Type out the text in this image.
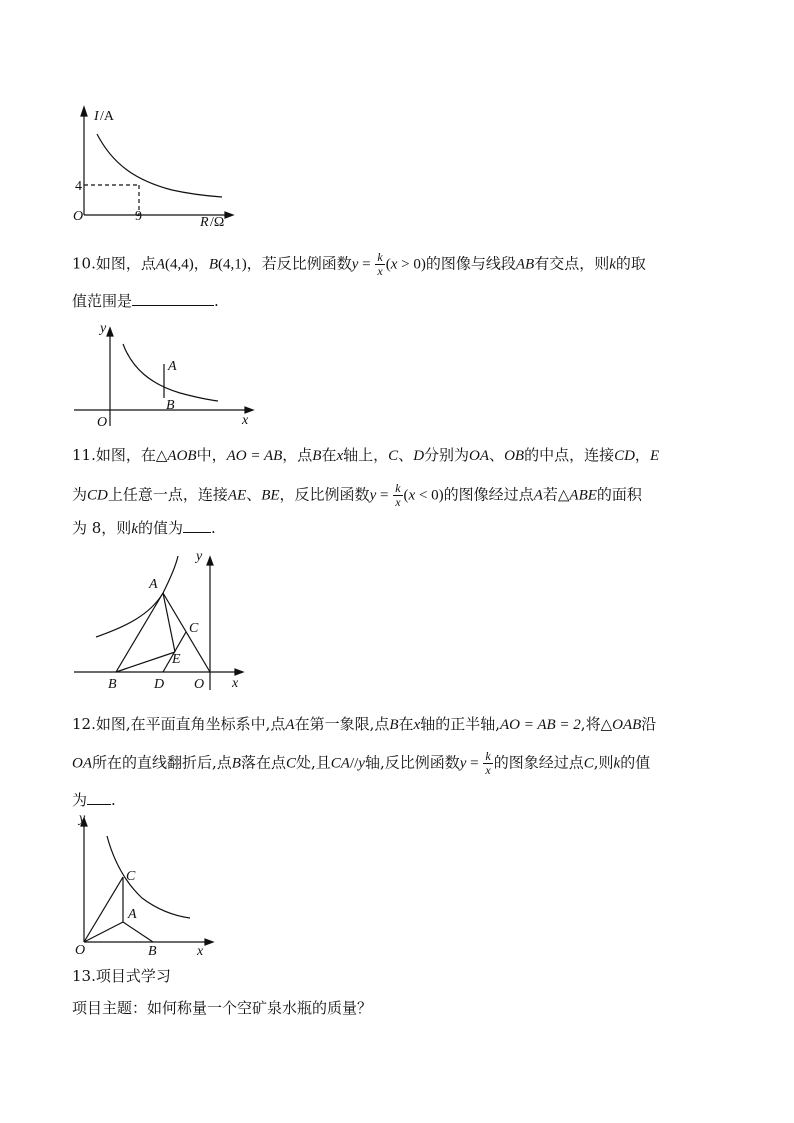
I /A
R /Ω
O
4
9
10.如图，点A(4,4)，B(4,1)，若反比例函数$y = \frac{k}{x} (x > 0)$的图像与线段AB有交点，则k的取
值范围是	.
y
x
O
A
B
11.如图，在△AOB中，AO = AB，点B在x轴上，C、D分别为OA、OB的中点，连接CD，E
为CD上任意一点，连接AE、BE，反比例函数$y = \frac{k}{x} (x < 0)$的图像经过点A若△ABE的面积
为 8，则k的值为 .
y
x
O
A
B
C
D
E
12.如图,在平面直角坐标系中,点A在第一象限,点B在x轴的正半轴,AO = AB = 2,将△OAB沿
OA所在的直线翻折后,点B落在点C处,且CA//y轴,反比例函数$y = \frac{k}{x}$ 的图象经过点C,则k的值
为 .
y
x
O
A
B
C
13.项目式学习
项目主题：如何称量一个空矿泉水瓶的质量？
